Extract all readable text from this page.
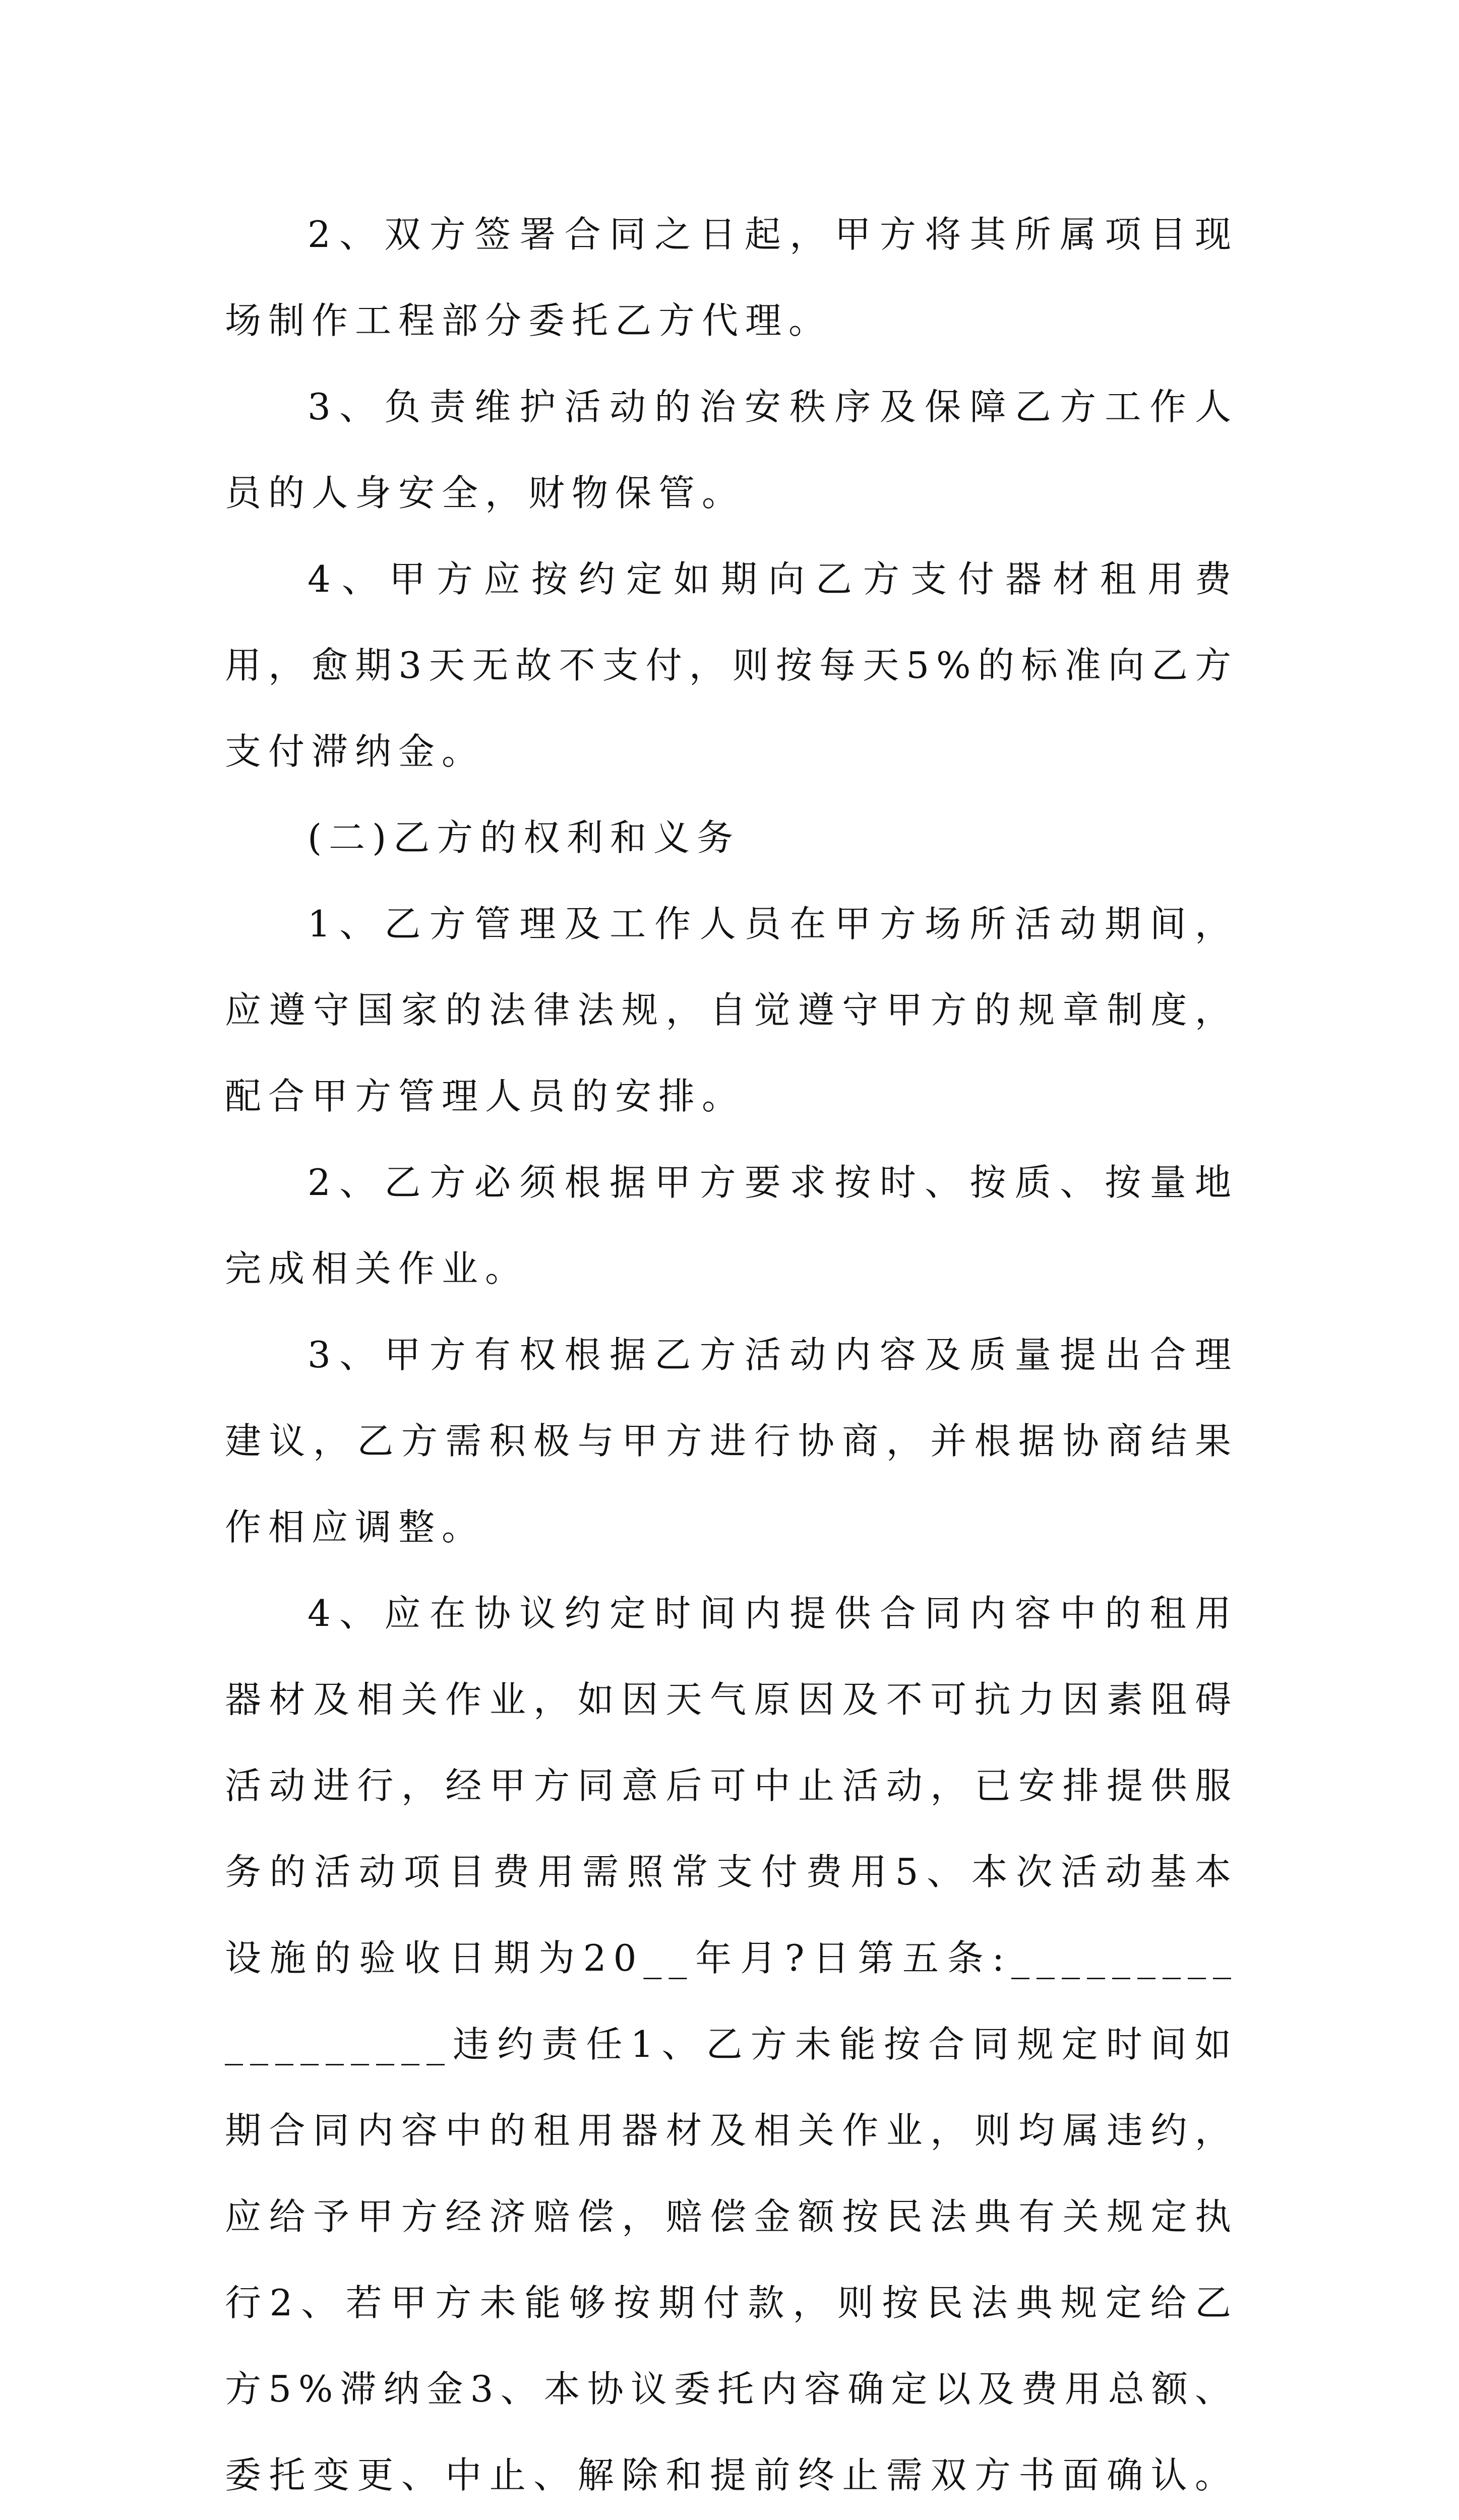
2、双方签署合同之日起，甲方将其所属项目现场制作工程部分委托乙方代理。

3、负责维护活动的治安秩序及保障乙方工作人员的人身安全，财物保管。

4、甲方应按约定如期向乙方支付器材租用费用，愈期3天无故不支付，则按每天5%的标准向乙方支付滞纳金。

(二)乙方的权利和义务

1、乙方管理及工作人员在甲方场所活动期间，应遵守国家的法律法规，自觉遵守甲方的规章制度，配合甲方管理人员的安排。

2、乙方必须根据甲方要求按时、按质、按量地完成相关作业。

3、甲方有权根据乙方活动内容及质量提出合理建议，乙方需积极与甲方进行协商，并根据协商结果作相应调整。

4、应在协议约定时间内提供合同内容中的租用器材及相关作业，如因天气原因及不可抗力因素阻碍活动进行，经甲方同意后可中止活动，已安排提供服务的活动项目费用需照常支付费用5、本次活动基本设施的验收日期为20__年月?日第五条:__________________违约责任1、乙方未能按合同规定时间如期合同内容中的租用器材及相关作业，则均属违约，应给予甲方经济赔偿，赔偿金额按民法典有关规定执行2、若甲方未能够按期付款，则按民法典规定给乙方5%滞纳金3、本协议委托内容确定以及费用总额、委托变更、中止、解除和提前终止需双方书面确认。
